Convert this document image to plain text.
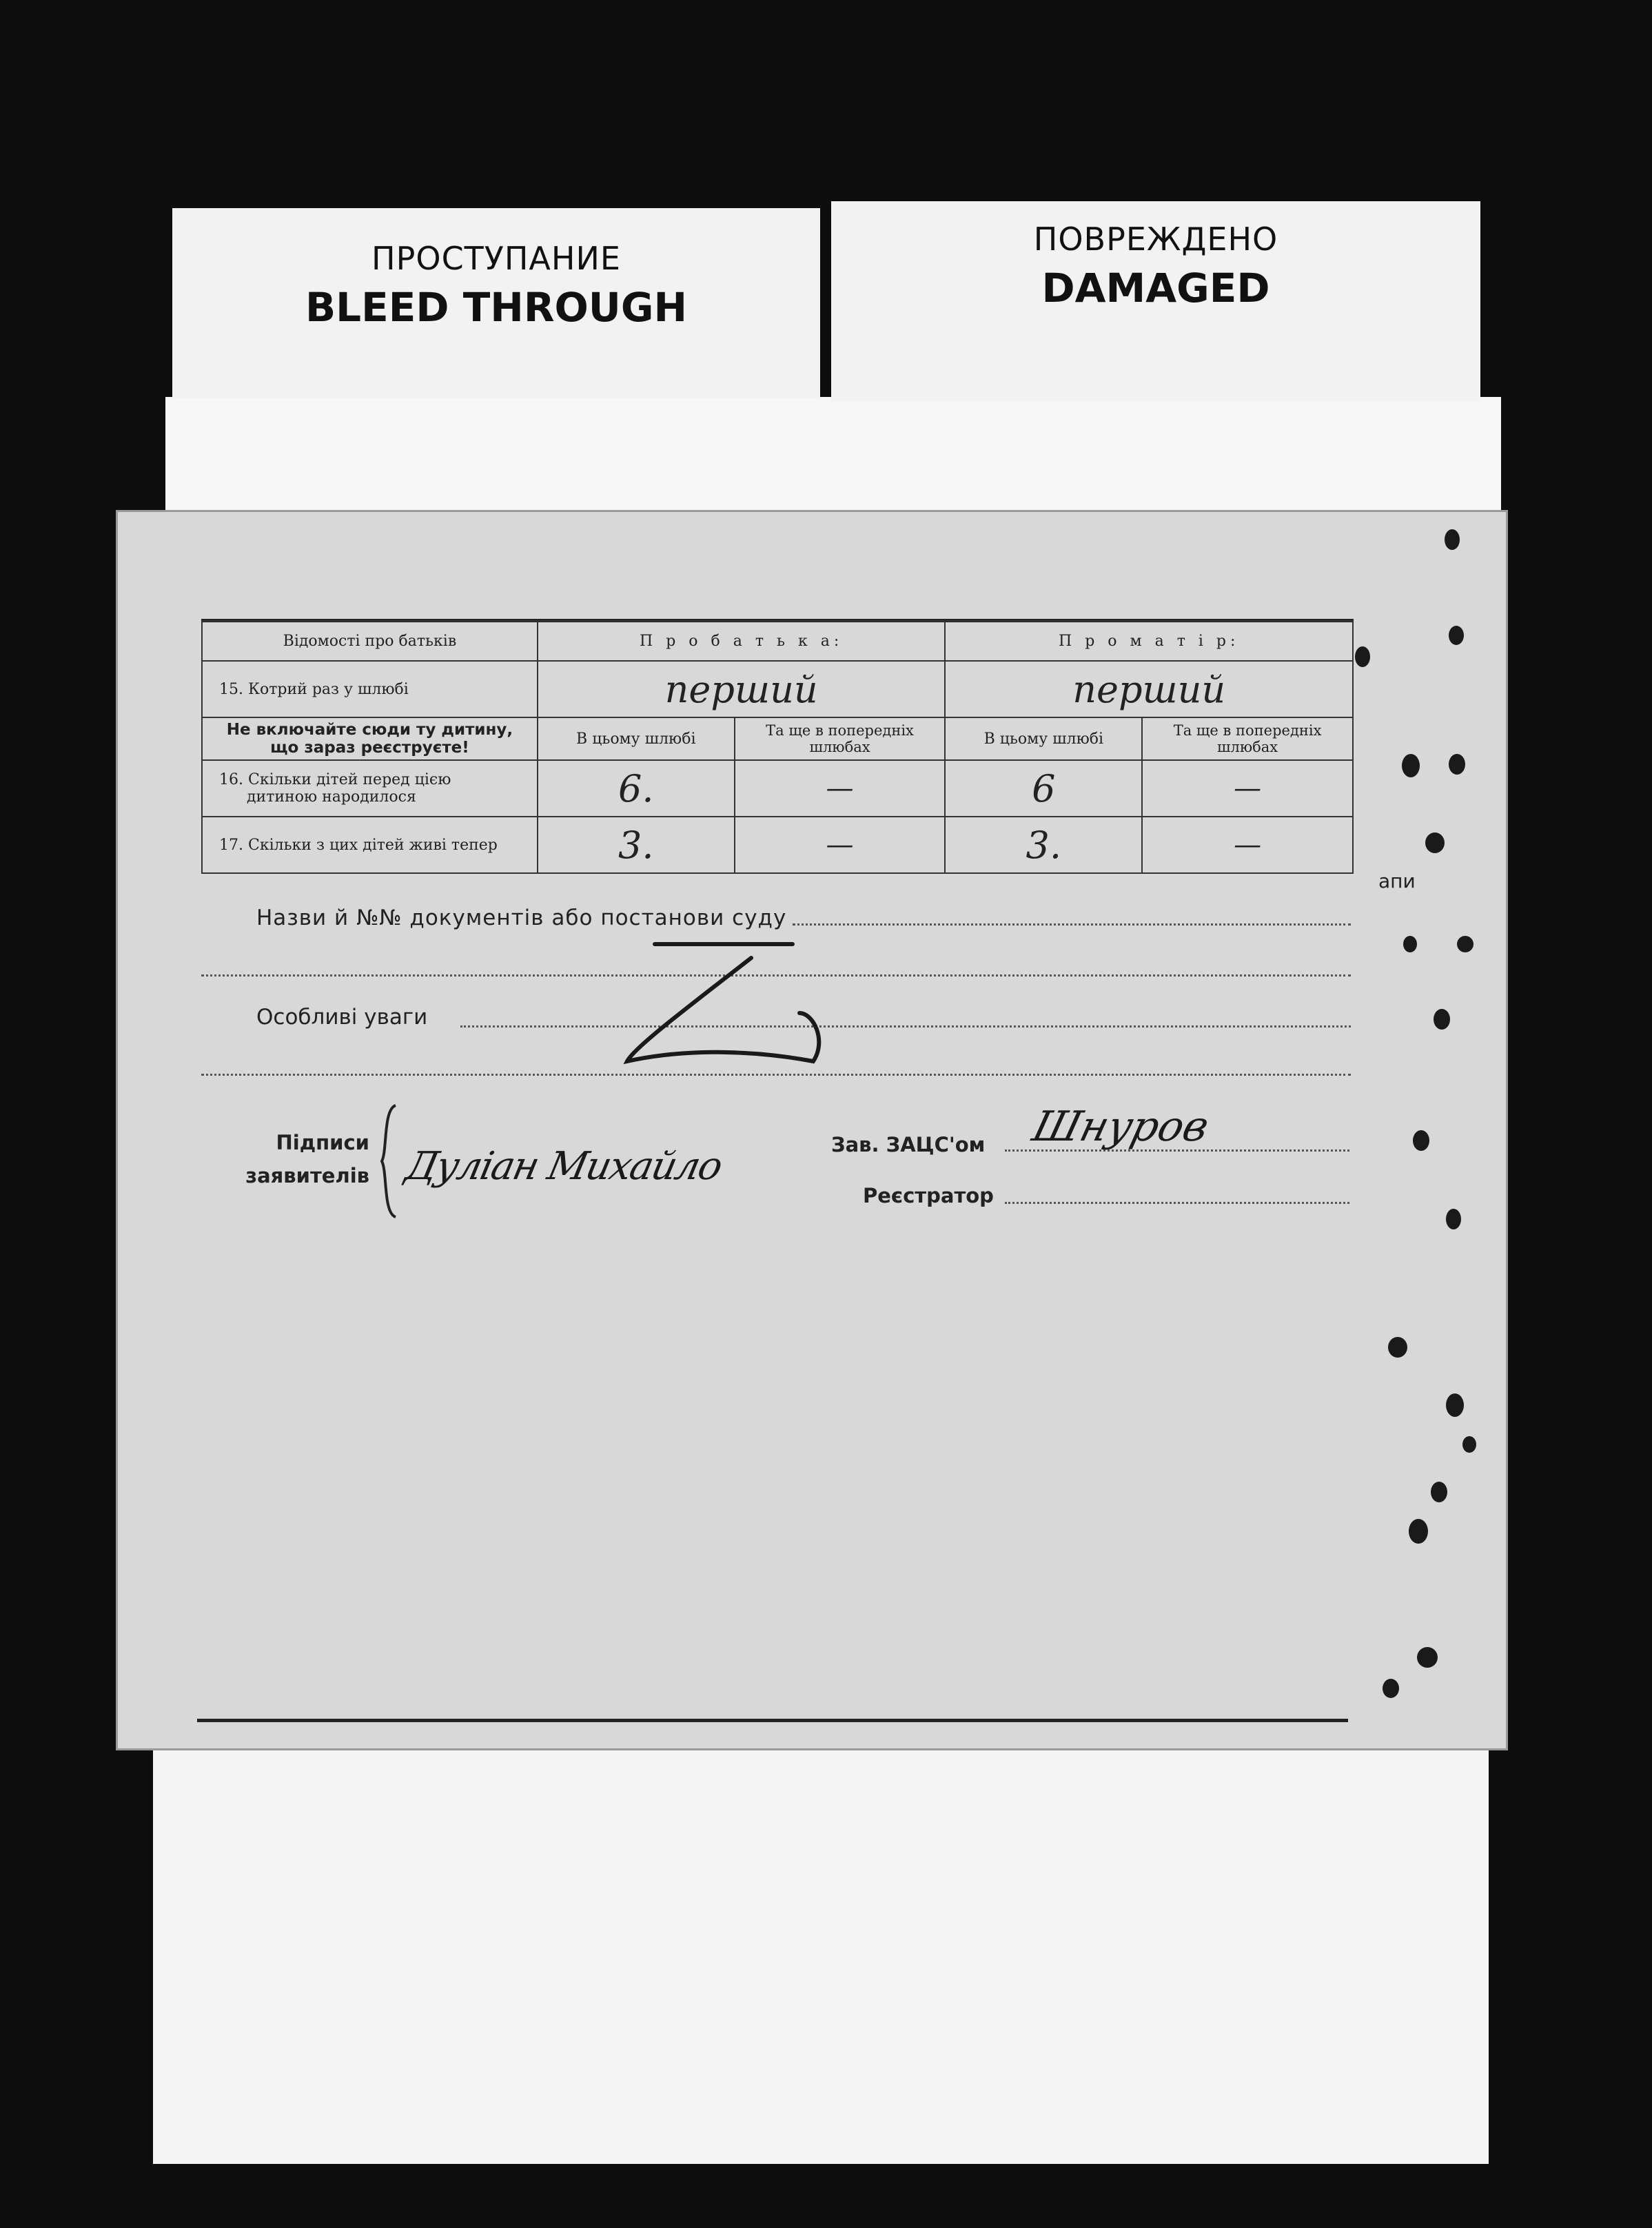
ПРОСТУПАНИЕ
BLEED THROUGH
ПОВРЕЖДЕНО
DAMAGED
Відомості про батьків	П р о б а т ь к а:		П р о м а т і р:	
15. Котрий раз у шлюбі	перший		перший	

Не включайте сюди ту дитину,
що зараз реєструєте!	В цьому шлюбі	Та ще в попередніх шлюбах	В цьому шлюбі	Та ще в попередніх шлюбах

16. Скільки дітей перед цією
дитиною народилося	6.	—	6	—
17. Скільки з цих дітей живі тепер	3.	—	3.	—
апи
Назви й №№ документів або постанови суду
Особливі уваги
Підписи
заявителів Дуліан Михайло	Зав. ЗАЦС'ом Шнуров
Реєстратор
